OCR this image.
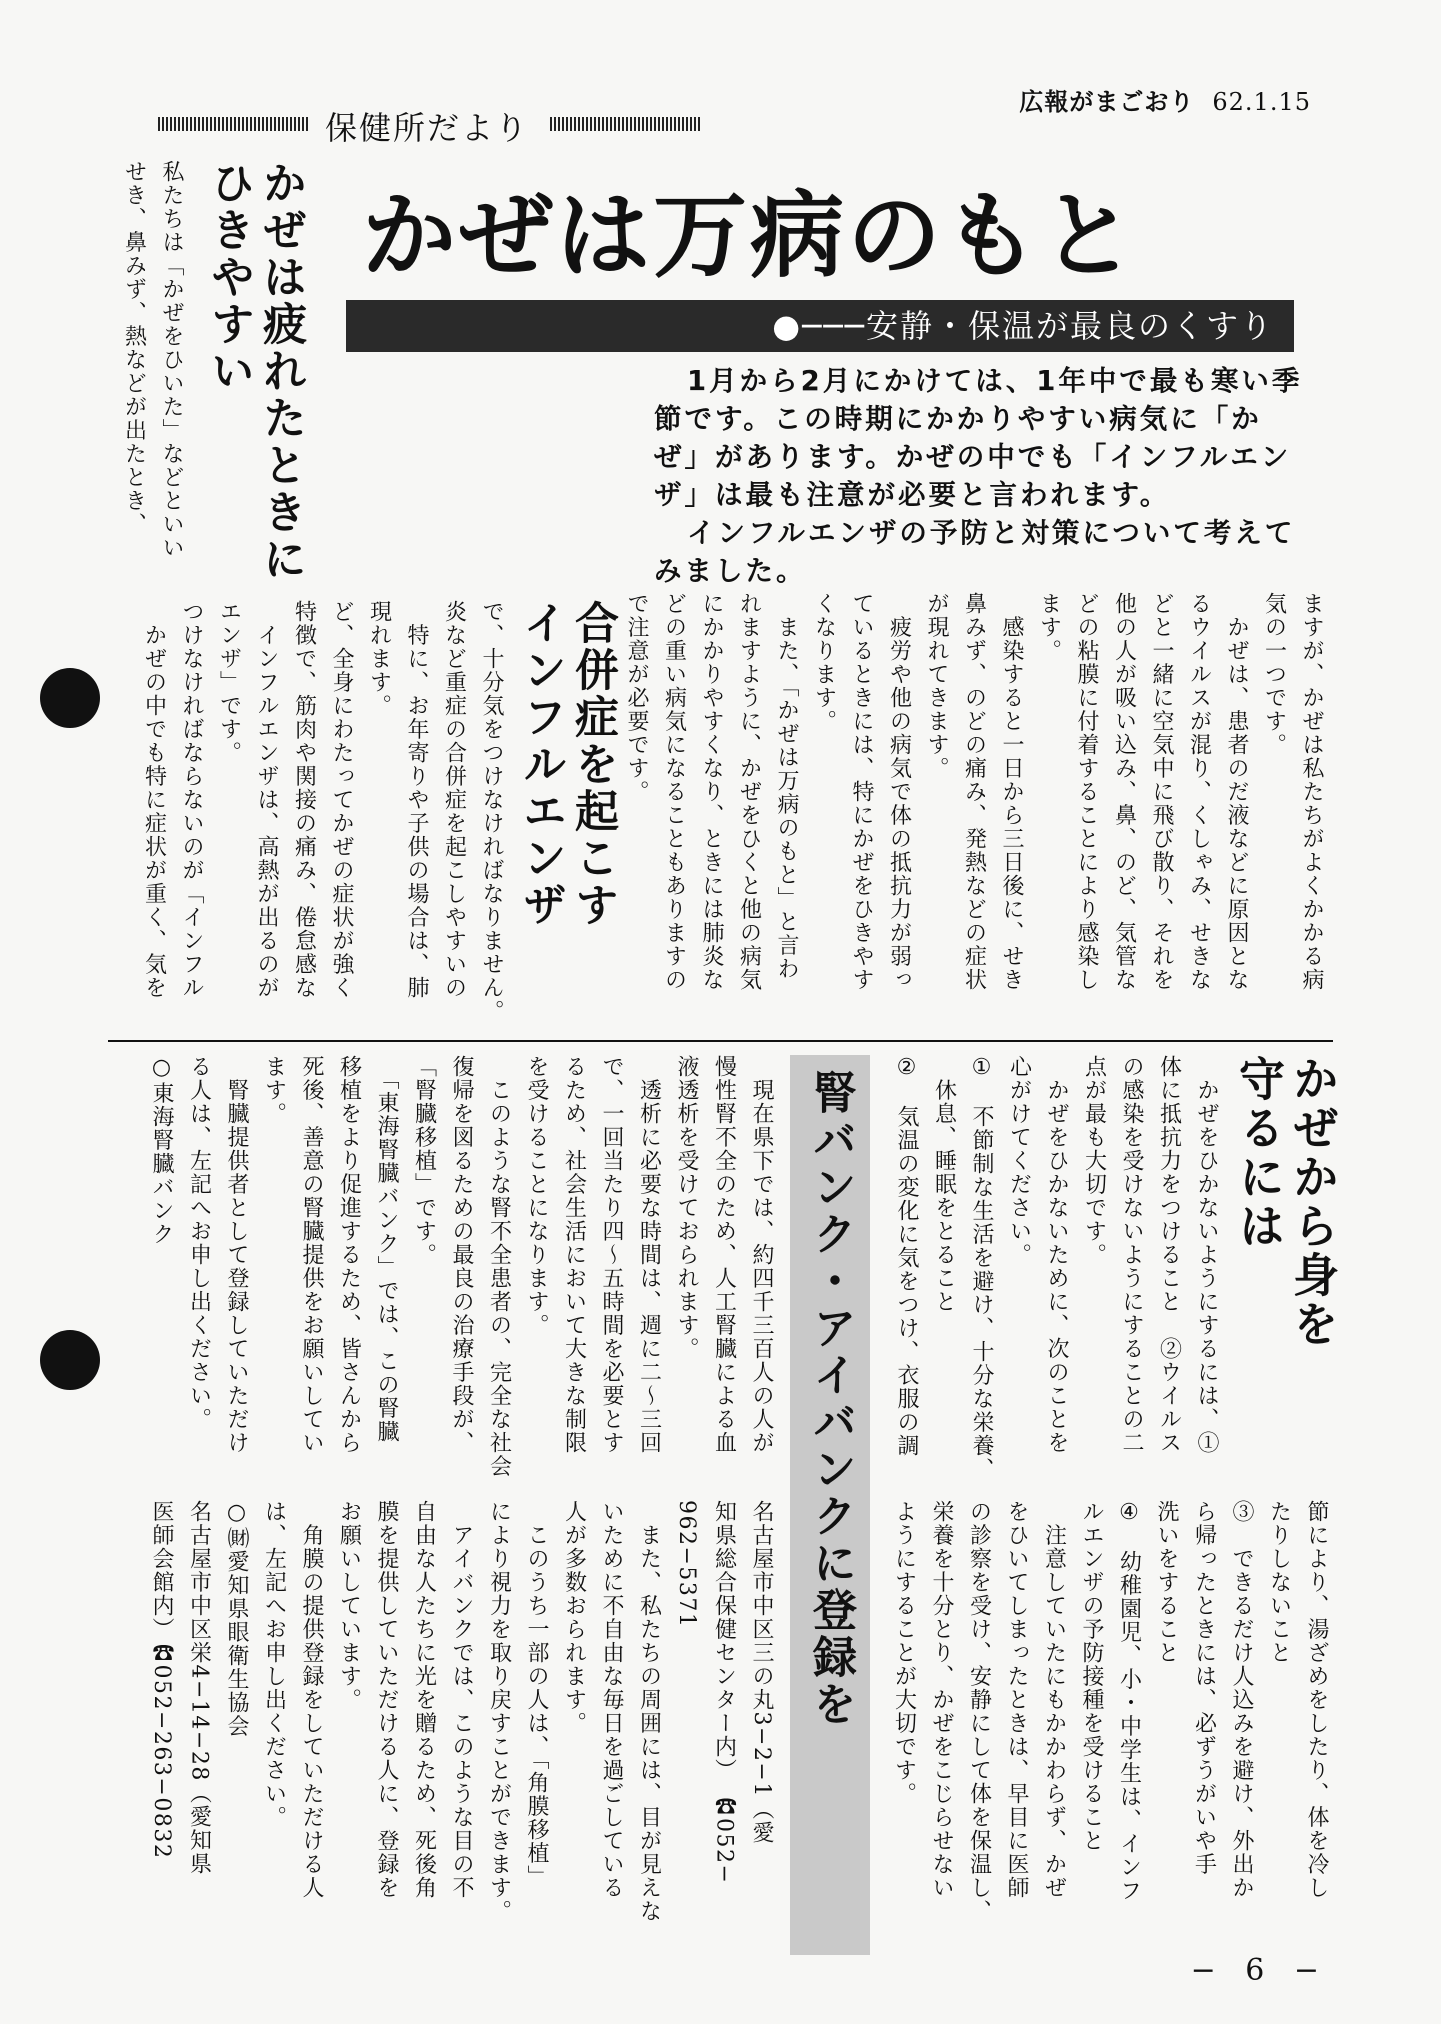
広報がまごおり 62.1.15
保健所だより
かぜは万病のもと
●───安静・保温が最良のくすり

1月から2月にかけては、1年中で最も寒い季節です。この時期にかかりやすい病気に「かぜ」があります。かぜの中でも「インフルエンザ」は最も注意が必要と言われます。

インフルエンザの予防と対策について考えてみました。

かぜは疲れたときに
ひきやすい
私たちは「かぜをひいた」などといい
せき、鼻みず、熱などが出たとき、
ますが、かぜは私たちがよくかかる病
気の一つです。
　かぜは、患者のだ液などに原因とな
るウイルスが混り、くしゃみ、せきな
どと一緒に空気中に飛び散り、それを
他の人が吸い込み、鼻、のど、気管な
どの粘膜に付着することにより感染し
ます。
　感染すると一日から三日後に、せき
鼻みず、のどの痛み、発熱などの症状
が現れてきます。
　疲労や他の病気で体の抵抗力が弱っ
ているときには、特にかぜをひきやす
くなります。
　また、「かぜは万病のもと」と言わ
れますように、かぜをひくと他の病気
にかかりやすくなり、ときには肺炎な
どの重い病気になることもありますの
で注意が必要です。
合併症を起こす
インフルエンザ
で、十分気をつけなければなりません。
炎など重症の合併症を起こしやすいの
　特に、お年寄りや子供の場合は、肺
現れます。
ど、全身にわたってかぜの症状が強く
特徴で、筋肉や関接の痛み、倦怠感な
　インフルエンザは、高熱が出るのが
エンザ」です。
つけなければならないのが「インフル
　かぜの中でも特に症状が重く、気を
かぜから身を
守るには
　かぜをひかないようにするには、①
体に抵抗力をつけること　②ウイルス
の感染を受けないようにすることの二
点が最も大切です。
　かぜをひかないために、次のことを
心がけてください。
①　不節制な生活を避け、十分な栄養、
　休息、睡眠をとること
②　気温の変化に気をつけ、衣服の調
節により、湯ざめをしたり、体を冷し
たりしないこと
③　できるだけ人込みを避け、外出か
ら帰ったときには、必ずうがいや手
洗いをすること
④　幼稚園児、小・中学生は、インフ
ルエンザの予防接種を受けること
　注意していたにもかかわらず、かぜ
をひいてしまったときは、早目に医師
の診察を受け、安静にして体を保温し、
栄養を十分とり、かぜをこじらせない
ようにすることが大切です。
腎バンク・アイバンクに登録を
　現在県下では、約四千三百人の人が
慢性腎不全のため、人工腎臓による血
液透析を受けておられます。
　透析に必要な時間は、週に二〜三回
で、一回当たり四〜五時間を必要とす
るため、社会生活において大きな制限
を受けることになります。
　このような腎不全患者の、完全な社会
復帰を図るための最良の治療手段が、
「腎臓移植」です。
　「東海腎臓バンク」では、この腎臓
移植をより促進するため、皆さんから
死後、善意の腎臓提供をお願いしてい
ます。
　腎臓提供者として登録していただけ
る人は、左記へお申し出ください。
○東海腎臓バンク
名古屋市中区三の丸3−2−1（愛
知県総合保健センター内）　☎052−
962−5371
　また、私たちの周囲には、目が見えな
いために不自由な毎日を過ごしている
人が多数おられます。
　このうち一部の人は、「角膜移植」
により視力を取り戻すことができます。
　アイバンクでは、このような目の不
自由な人たちに光を贈るため、死後角
膜を提供していただける人に、登録を
お願いしています。
　角膜の提供登録をしていただける人
は、左記へお申し出ください。
○㈶愛知県眼衛生協会
名古屋市中区栄4−14−28（愛知県
医師会館内）☎052−263−0832
− 6 −
